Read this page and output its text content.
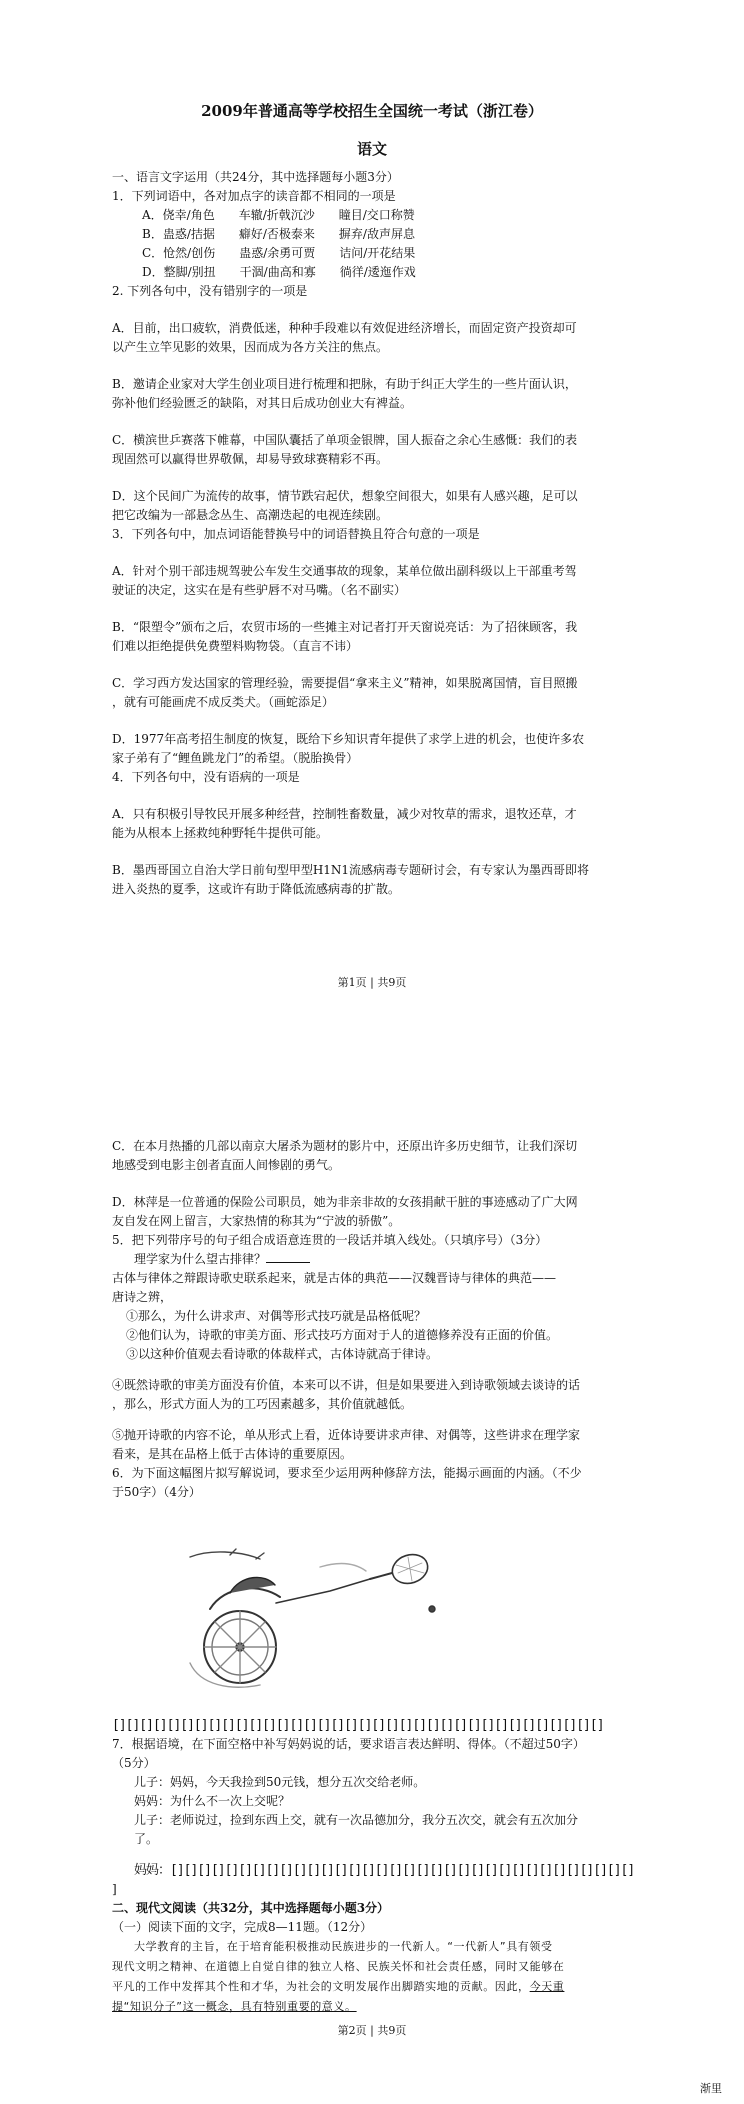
2009年普通高等学校招生全国统一考试（浙江卷）
语文

一、语言文字运用（共24分，其中选择题每小题3分）

1．下列词语中，各对加点字的读音都不相同的一项是

A．侥幸/角色　　车辙/折戟沉沙　　瞳目/交口称赞

B．蛊惑/拮据　　癖好/否极泰来　　摒弃/敌声屏息

C．怆然/创伤　　蛊惑/余勇可贾　　诘问/开花结果

D．整脚/别扭　　干涸/曲高和寡　　徜徉/逶迤作戏

2. 下列各句中，没有错别字的一项是

A．目前，出口疲软，消费低迷，种种手段难以有效促进经济增长，而固定资产投资却可

以产生立竿见影的效果，因而成为各方关注的焦点。

B．邀请企业家对大学生创业项目进行梳理和把脉，有助于纠正大学生的一些片面认识，

弥补他们经验匮乏的缺陷，对其日后成功创业大有裨益。

C．横滨世乒赛落下帷幕，中国队囊括了单项金银牌，国人振奋之余心生感慨：我们的表

现固然可以赢得世界敬佩，却易导致球赛精彩不再。

D．这个民间广为流传的故事，情节跌宕起伏，想象空间很大，如果有人感兴趣，足可以

把它改编为一部悬念丛生、高潮迭起的电视连续剧。

3．下列各句中，加点词语能替换号中的词语替换且符合句意的一项是

A．针对个别干部违规驾驶公车发生交通事故的现象，某单位做出副科级以上干部重考驾

驶证的决定，这实在是有些驴唇不对马嘴。（名不副实）

B．“限塑令”颁布之后，农贸市场的一些摊主对记者打开天窗说亮话：为了招徕顾客，我

们难以拒绝提供免费塑料购物袋。（直言不讳）

C．学习西方发达国家的管理经验，需要提倡“拿来主义”精神，如果脱离国情，盲目照搬

，就有可能画虎不成反类犬。（画蛇添足）

D．1977年高考招生制度的恢复，既给下乡知识青年提供了求学上进的机会，也使许多农

家子弟有了“鲤鱼跳龙门”的希望。（脱胎换骨）

4．下列各句中，没有语病的一项是

A．只有积极引导牧民开展多种经营，控制牲畜数量，减少对牧草的需求，退牧还草，才

能为从根本上拯救纯种野牦牛提供可能。

B．墨西哥国立自治大学日前旬型甲型H1N1流感病毒专题研讨会，有专家认为墨西哥即将

进入炎热的夏季，这或许有助于降低流感病毒的扩散。

第1页 | 共9页

C．在本月热播的几部以南京大屠杀为题材的影片中，还原出许多历史细节，让我们深切

地感受到电影主创者直面人间惨剧的勇气。

D．林萍是一位普通的保险公司职员，她为非亲非故的女孩捐献干脏的事迹感动了广大网

友自发在网上留言，大家热情的称其为“宁波的骄傲”。

5．把下列带序号的句子组合成语意连贯的一段话并填入线处。（只填序号）（3分）

理学家为什么望古排律？

古体与律体之辩跟诗歌史联系起来，就是古体的典范——汉魏晋诗与律体的典范——

唐诗之辨，

①那么，为什么讲求声、对偶等形式技巧就是品格低呢？

②他们认为，诗歌的审美方面、形式技巧方面对于人的道德修养没有正面的价值。

③以这种价值观去看诗歌的体裁样式，古体诗就高于律诗。

④既然诗歌的审美方面没有价值，本来可以不讲，但是如果要进入到诗歌领域去谈诗的话

，那么，形式方面人为的工巧因素越多，其价值就越低。

⑤抛开诗歌的内容不论，单从形式上看，近体诗要讲求声律、对偶等，这些讲求在理学家

看来，是其在品格上低于古体诗的重要原因。

6．为下面这幅图片拟写解说词，要求至少运用两种修辞方法，能揭示画面的内涵。（不少

于50字）（4分）

[][][][][][][][][][][][][][][][][][][][][][][][][][][][][][][][][][][][]

7．根据语境，在下面空格中补写妈妈说的话，要求语言表达鲜明、得体。（不超过50字）

（5分）

儿子：妈妈，今天我捡到50元钱，想分五次交给老师。

妈妈：为什么不一次上交呢？

儿子：老师说过，捡到东西上交，就有一次品德加分，我分五次交，就会有五次加分

了。

妈妈：[][][][][][][][][][][][][][][][][][][][][][][][][][][][][][][][][][]

]

二、现代文阅读（共32分，其中选择题每小题3分）

（一）阅读下面的文字，完成8—11题。（12分）

大学教育的主旨，在于培育能积极推动民族进步的一代新人。“一代新人”具有领受

现代文明之精神、在道德上自觉自律的独立人格、民族关怀和社会责任感，同时又能够在

平凡的工作中发挥其个性和才华，为社会的文明发展作出脚踏实地的贡献。因此，今天重

提“知识分子”这一概念，具有特别重要的意义。

第2页 | 共9页
渐里
